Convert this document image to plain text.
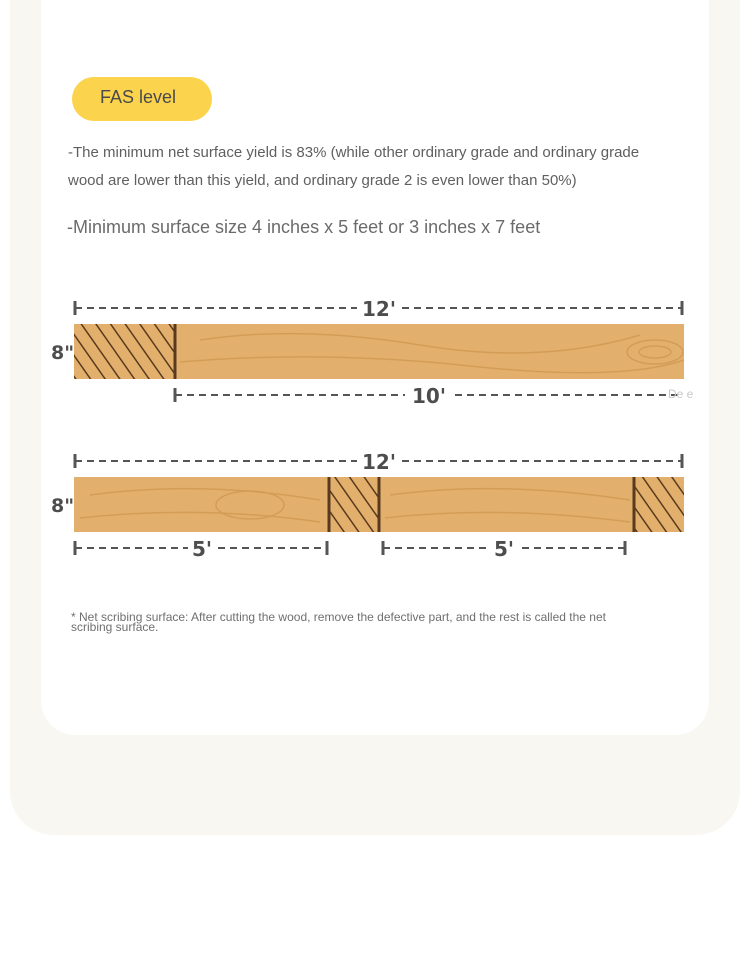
FAS level
-The minimum net surface yield is 83% (while other ordinary grade and ordinary grade wood are lower than this yield, and ordinary grade 2 is even lower than 50%)
-Minimum surface size 4 inches x 5 feet or 3 inches x 7 feet
12'
8"
10'	De e
12'
8"
5'	5'
* Net scribing surface: After cutting the wood, remove the defective part, and the rest is called the net scribing surface.
